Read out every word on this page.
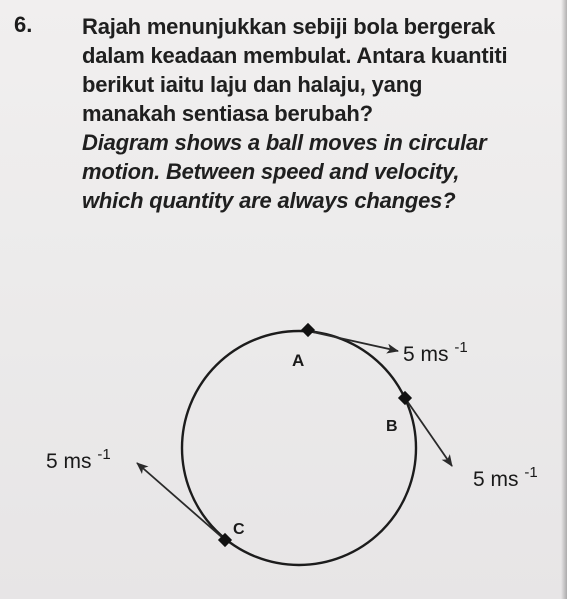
6. Rajah menunjukkan sebiji bola bergerak
dalam keadaan membulat. Antara kuantiti
berikut iaitu laju dan halaju, yang
manakah sentiasa berubah?
Diagram shows a ball moves in circular
motion. Between speed and velocity,
which quantity are always changes?
A
B
C
5 ms $^{-1}$
5 ms $^{-1}$
5 ms $^{-1}$
